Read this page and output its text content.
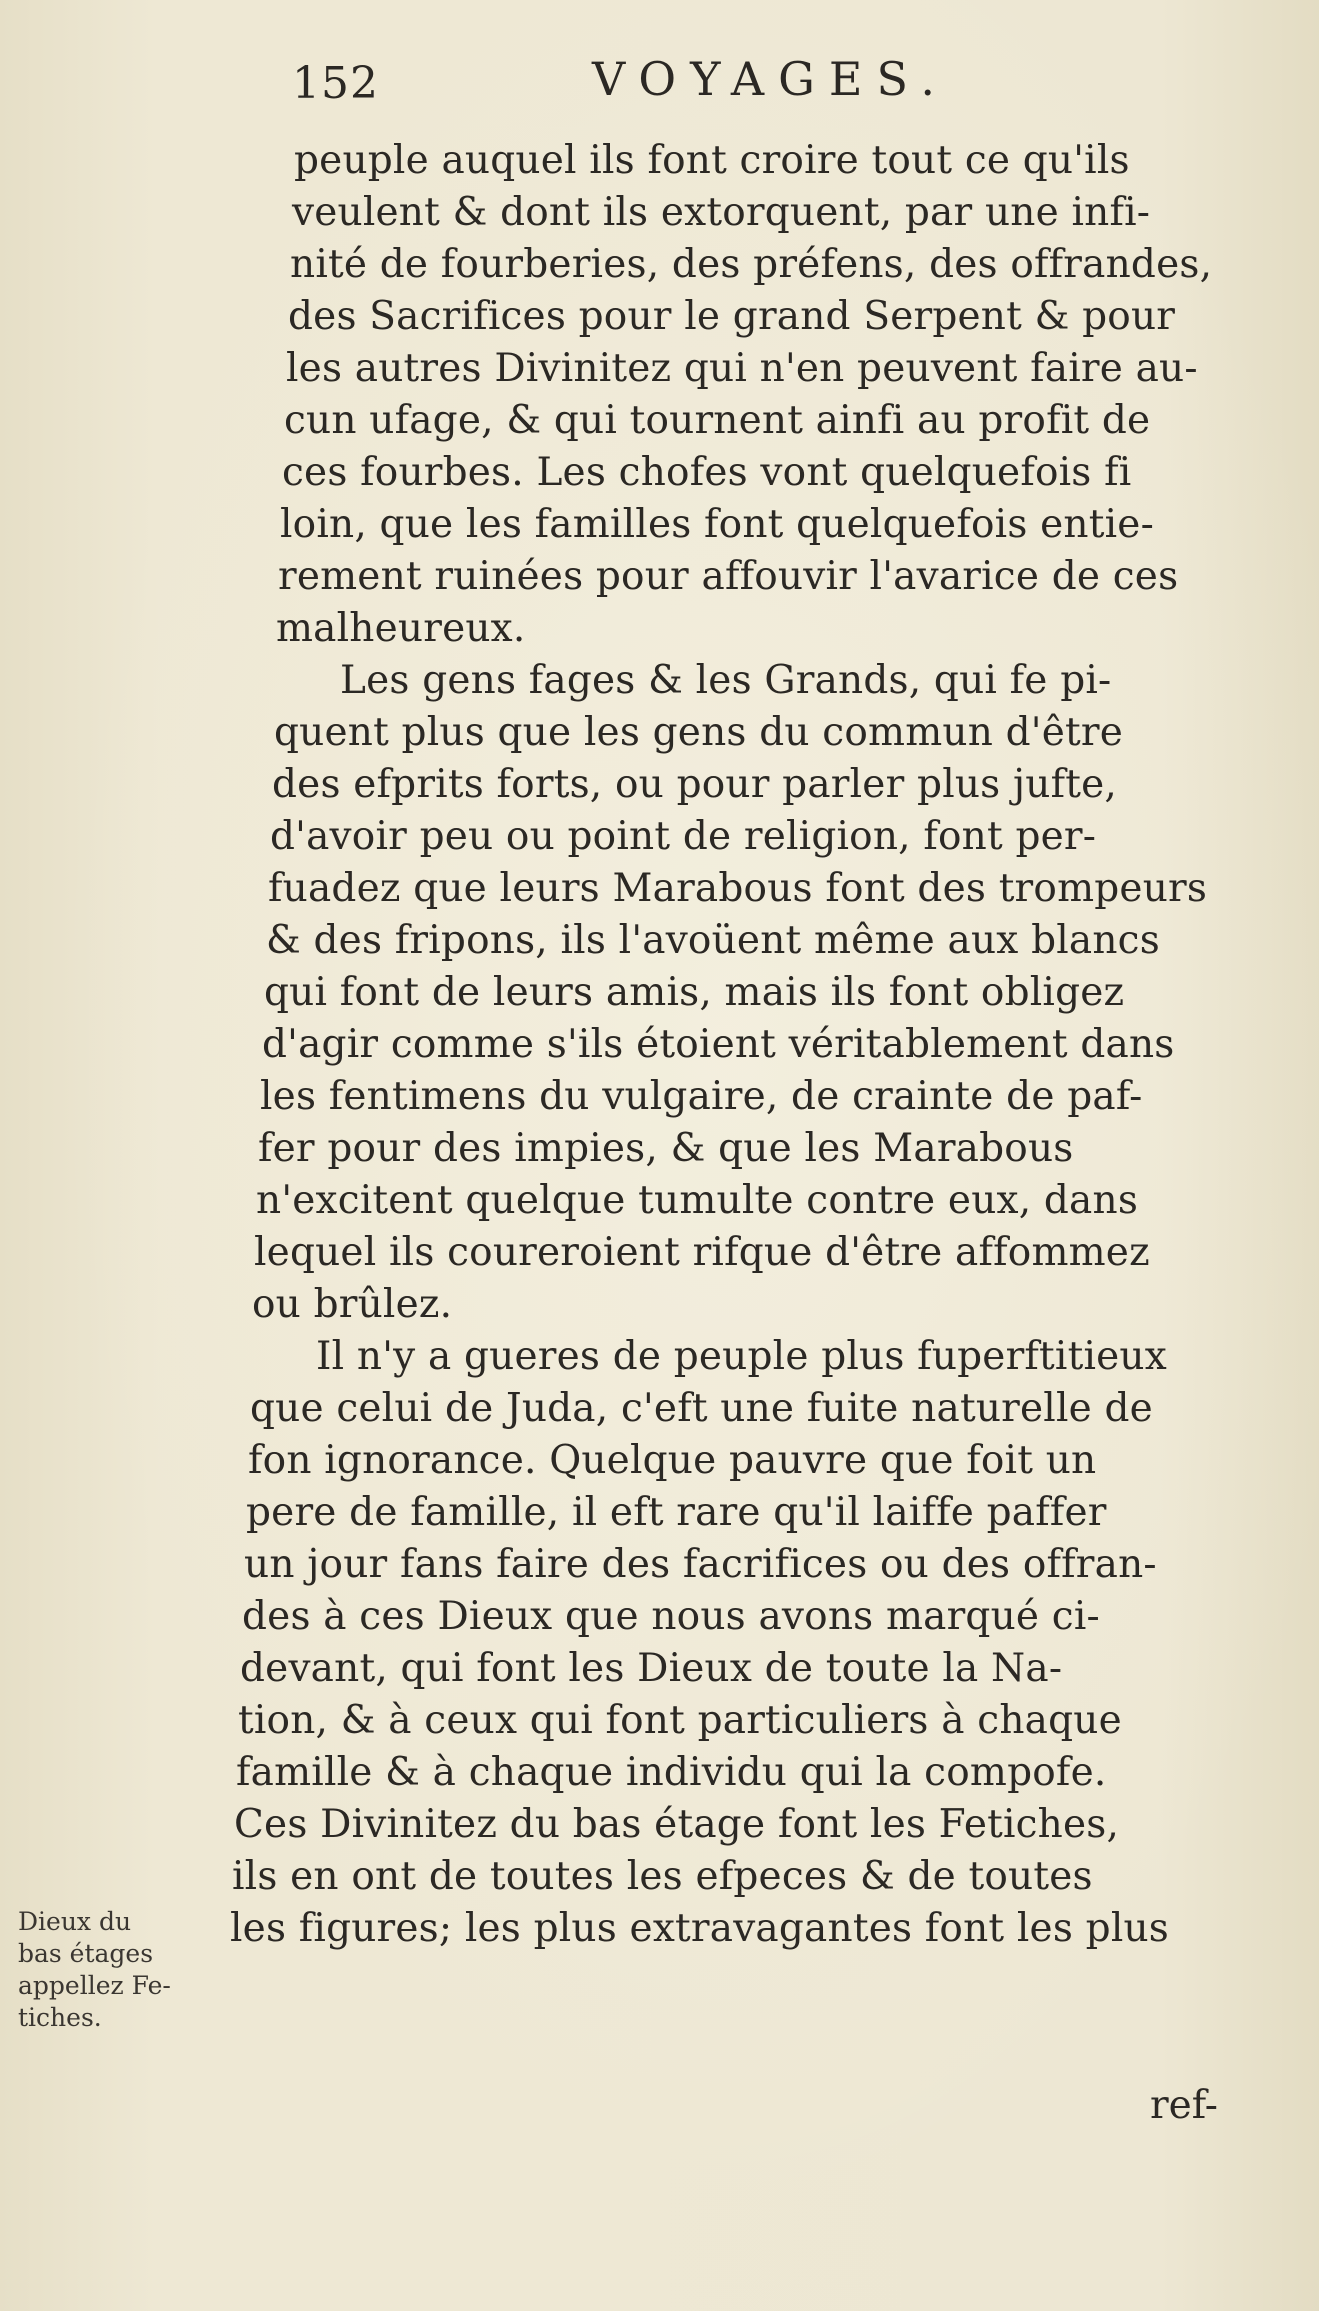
152	VOYAGES.
peuple auquel ils font croire tout ce qu'ils
veulent & dont ils extorquent, par une infi-
nité de fourberies, des préfens, des offrandes,
des Sacrifices pour le grand Serpent & pour
les autres Divinitez qui n'en peuvent faire au-
cun ufage, & qui tournent ainfi au profit de
ces fourbes. Les chofes vont quelquefois fi
loin, que les familles font quelquefois entie-
rement ruinées pour affouvir l'avarice de ces
malheureux.
Les gens fages & les Grands, qui fe pi-
quent plus que les gens du commun d'être
des efprits forts, ou pour parler plus jufte,
d'avoir peu ou point de religion, font per-
fuadez que leurs Marabous font des trompeurs
& des fripons, ils l'avoüent même aux blancs
qui font de leurs amis, mais ils font obligez
d'agir comme s'ils étoient véritablement dans
les fentimens du vulgaire, de crainte de paf-
fer pour des impies, & que les Marabous
n'excitent quelque tumulte contre eux, dans
lequel ils coureroient rifque d'être affommez
ou brûlez.
Il n'y a gueres de peuple plus fuperftitieux
que celui de Juda, c'eft une fuite naturelle de
fon ignorance. Quelque pauvre que foit un
pere de famille, il eft rare qu'il laiffe paffer
un jour fans faire des facrifices ou des offran-
des à ces Dieux que nous avons marqué ci-
devant, qui font les Dieux de toute la Na-
tion, & à ceux qui font particuliers à chaque
famille & à chaque individu qui la compofe.
Ces Divinitez du bas étage font les Fetiches,
ils en ont de toutes les efpeces & de toutes
les figures; les plus extravagantes font les plus
Dieux du
bas étages
appellez Fe-
tiches.
ref-
